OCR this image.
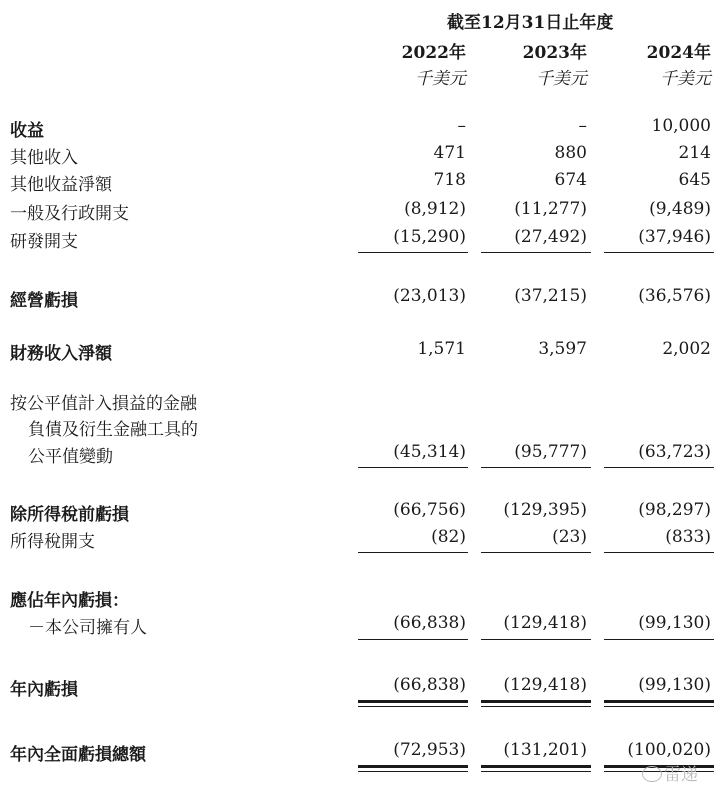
截至12月31日止年度
2022年	2023年	2024年
千美元	千美元	千美元
收益	–	–	10,000
其他收入	471	880	214
其他收益淨額	718	674	645
一般及行政開支	(8,912)	(11,277)	(9,489)
研發開支	(15,290)	(27,492)	(37,946)
經營虧損	(23,013)	(37,215)	(36,576)
財務收入淨額	1,571	3,597	2,002
按公平值計入損益的金融
負債及衍生金融工具的
公平值變動	(45,314)	(95,777)	(63,723)
除所得稅前虧損	(66,756)	(129,395)	(98,297)
所得稅開支	(82)	(23)	(833)
應佔年內虧損：
－本公司擁有人	(66,838)	(129,418)	(99,130)
年內虧損	(66,838)	(129,418)	(99,130)
年內全面虧損總額	(72,953)	(131,201)	(100,020)
雷递
